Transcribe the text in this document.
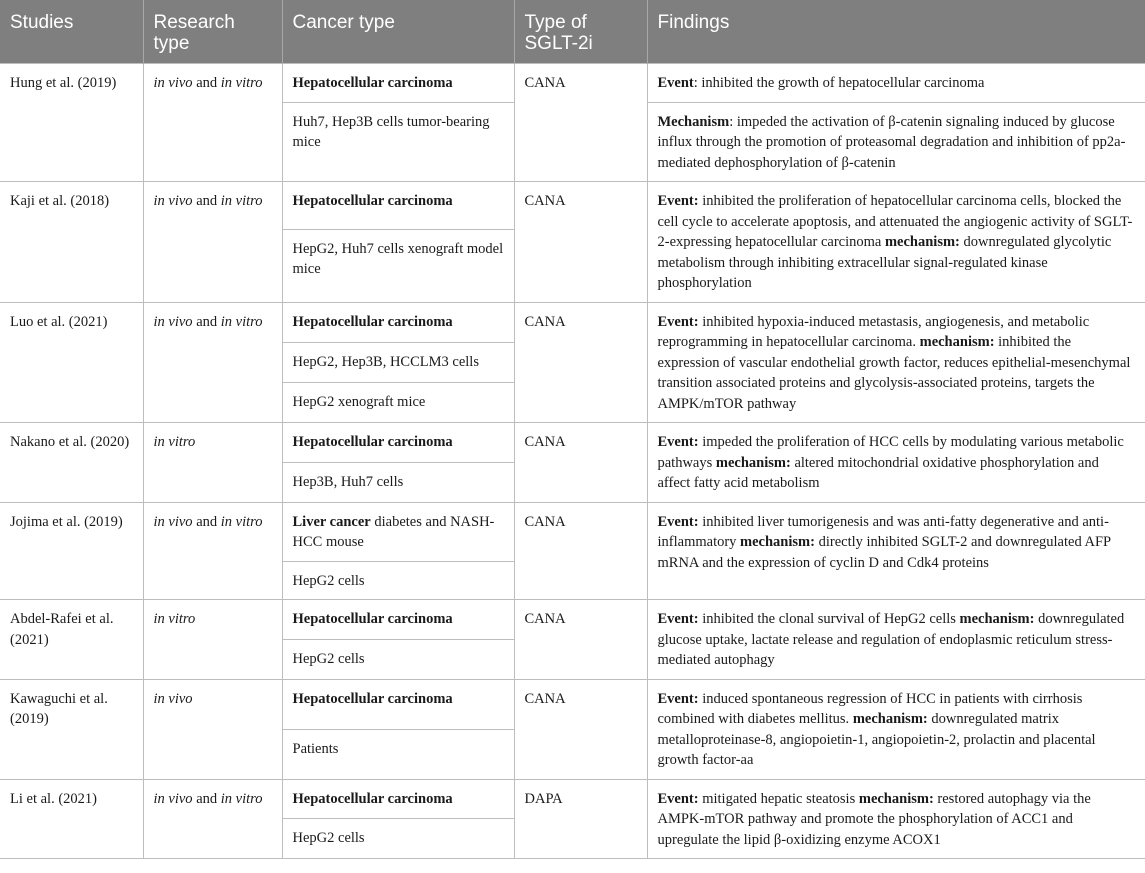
Studies	Research type	Cancer type	Type of SGLT-2i	Findings
Hung et al. (2019)	in vivo and in vitro	Hepatocellular carcinoma	CANA	Event: inhibited the growth of hepatocellular carcinoma
		Huh7, Hep3B cells tumor-bearing mice		Mechanism: impeded the activation of β-catenin signaling induced by glucose influx through the promotion of proteasomal degradation and inhibition of pp2a-mediated dephosphorylation of β-catenin
Kaji et al. (2018)	in vivo and in vitro	Hepatocellular carcinoma	CANA	Event: inhibited the proliferation of hepatocellular carcinoma cells, blocked the cell cycle to accelerate apoptosis, and attenuated the angiogenic activity of SGLT-2-expressing hepatocellular carcinoma mechanism: downregulated glycolytic metabolism through inhibiting extracellular signal-regulated kinase phosphorylation
		HepG2, Huh7 cells xenograft model mice		
Luo et al. (2021)	in vivo and in vitro	Hepatocellular carcinoma	CANA	Event: inhibited hypoxia-induced metastasis, angiogenesis, and metabolic reprogramming in hepatocellular carcinoma. mechanism: inhibited the expression of vascular endothelial growth factor, reduces epithelial-mesenchymal transition associated proteins and glycolysis-associated proteins, targets the AMPK/mTOR pathway
		HepG2, Hep3B, HCCLM3 cells		
		HepG2 xenograft mice		
Nakano et al. (2020)	in vitro	Hepatocellular carcinoma	CANA	Event: impeded the proliferation of HCC cells by modulating various metabolic pathways mechanism: altered mitochondrial oxidative phosphorylation and affect fatty acid metabolism
		Hep3B, Huh7 cells		
Jojima et al. (2019)	in vivo and in vitro	Liver cancer diabetes and NASH-HCC mouse	CANA	Event: inhibited liver tumorigenesis and was anti-fatty degenerative and anti-inflammatory mechanism: directly inhibited SGLT-2 and downregulated AFP mRNA and the expression of cyclin D and Cdk4 proteins
		HepG2 cells		
Abdel-Rafei et al. (2021)	in vitro	Hepatocellular carcinoma	CANA	Event: inhibited the clonal survival of HepG2 cells mechanism: downregulated glucose uptake, lactate release and regulation of endoplasmic reticulum stress-mediated autophagy
		HepG2 cells		
Kawaguchi et al. (2019)	in vivo	Hepatocellular carcinoma	CANA	Event: induced spontaneous regression of HCC in patients with cirrhosis combined with diabetes mellitus. mechanism: downregulated matrix metalloproteinase-8, angiopoietin-1, angiopoietin-2, prolactin and placental growth factor-aa
		Patients		
Li et al. (2021)	in vivo and in vitro	Hepatocellular carcinoma	DAPA	Event: mitigated hepatic steatosis mechanism: restored autophagy via the AMPK-mTOR pathway and promote the phosphorylation of ACC1 and upregulate the lipid β-oxidizing enzyme ACOX1
		HepG2 cells		
